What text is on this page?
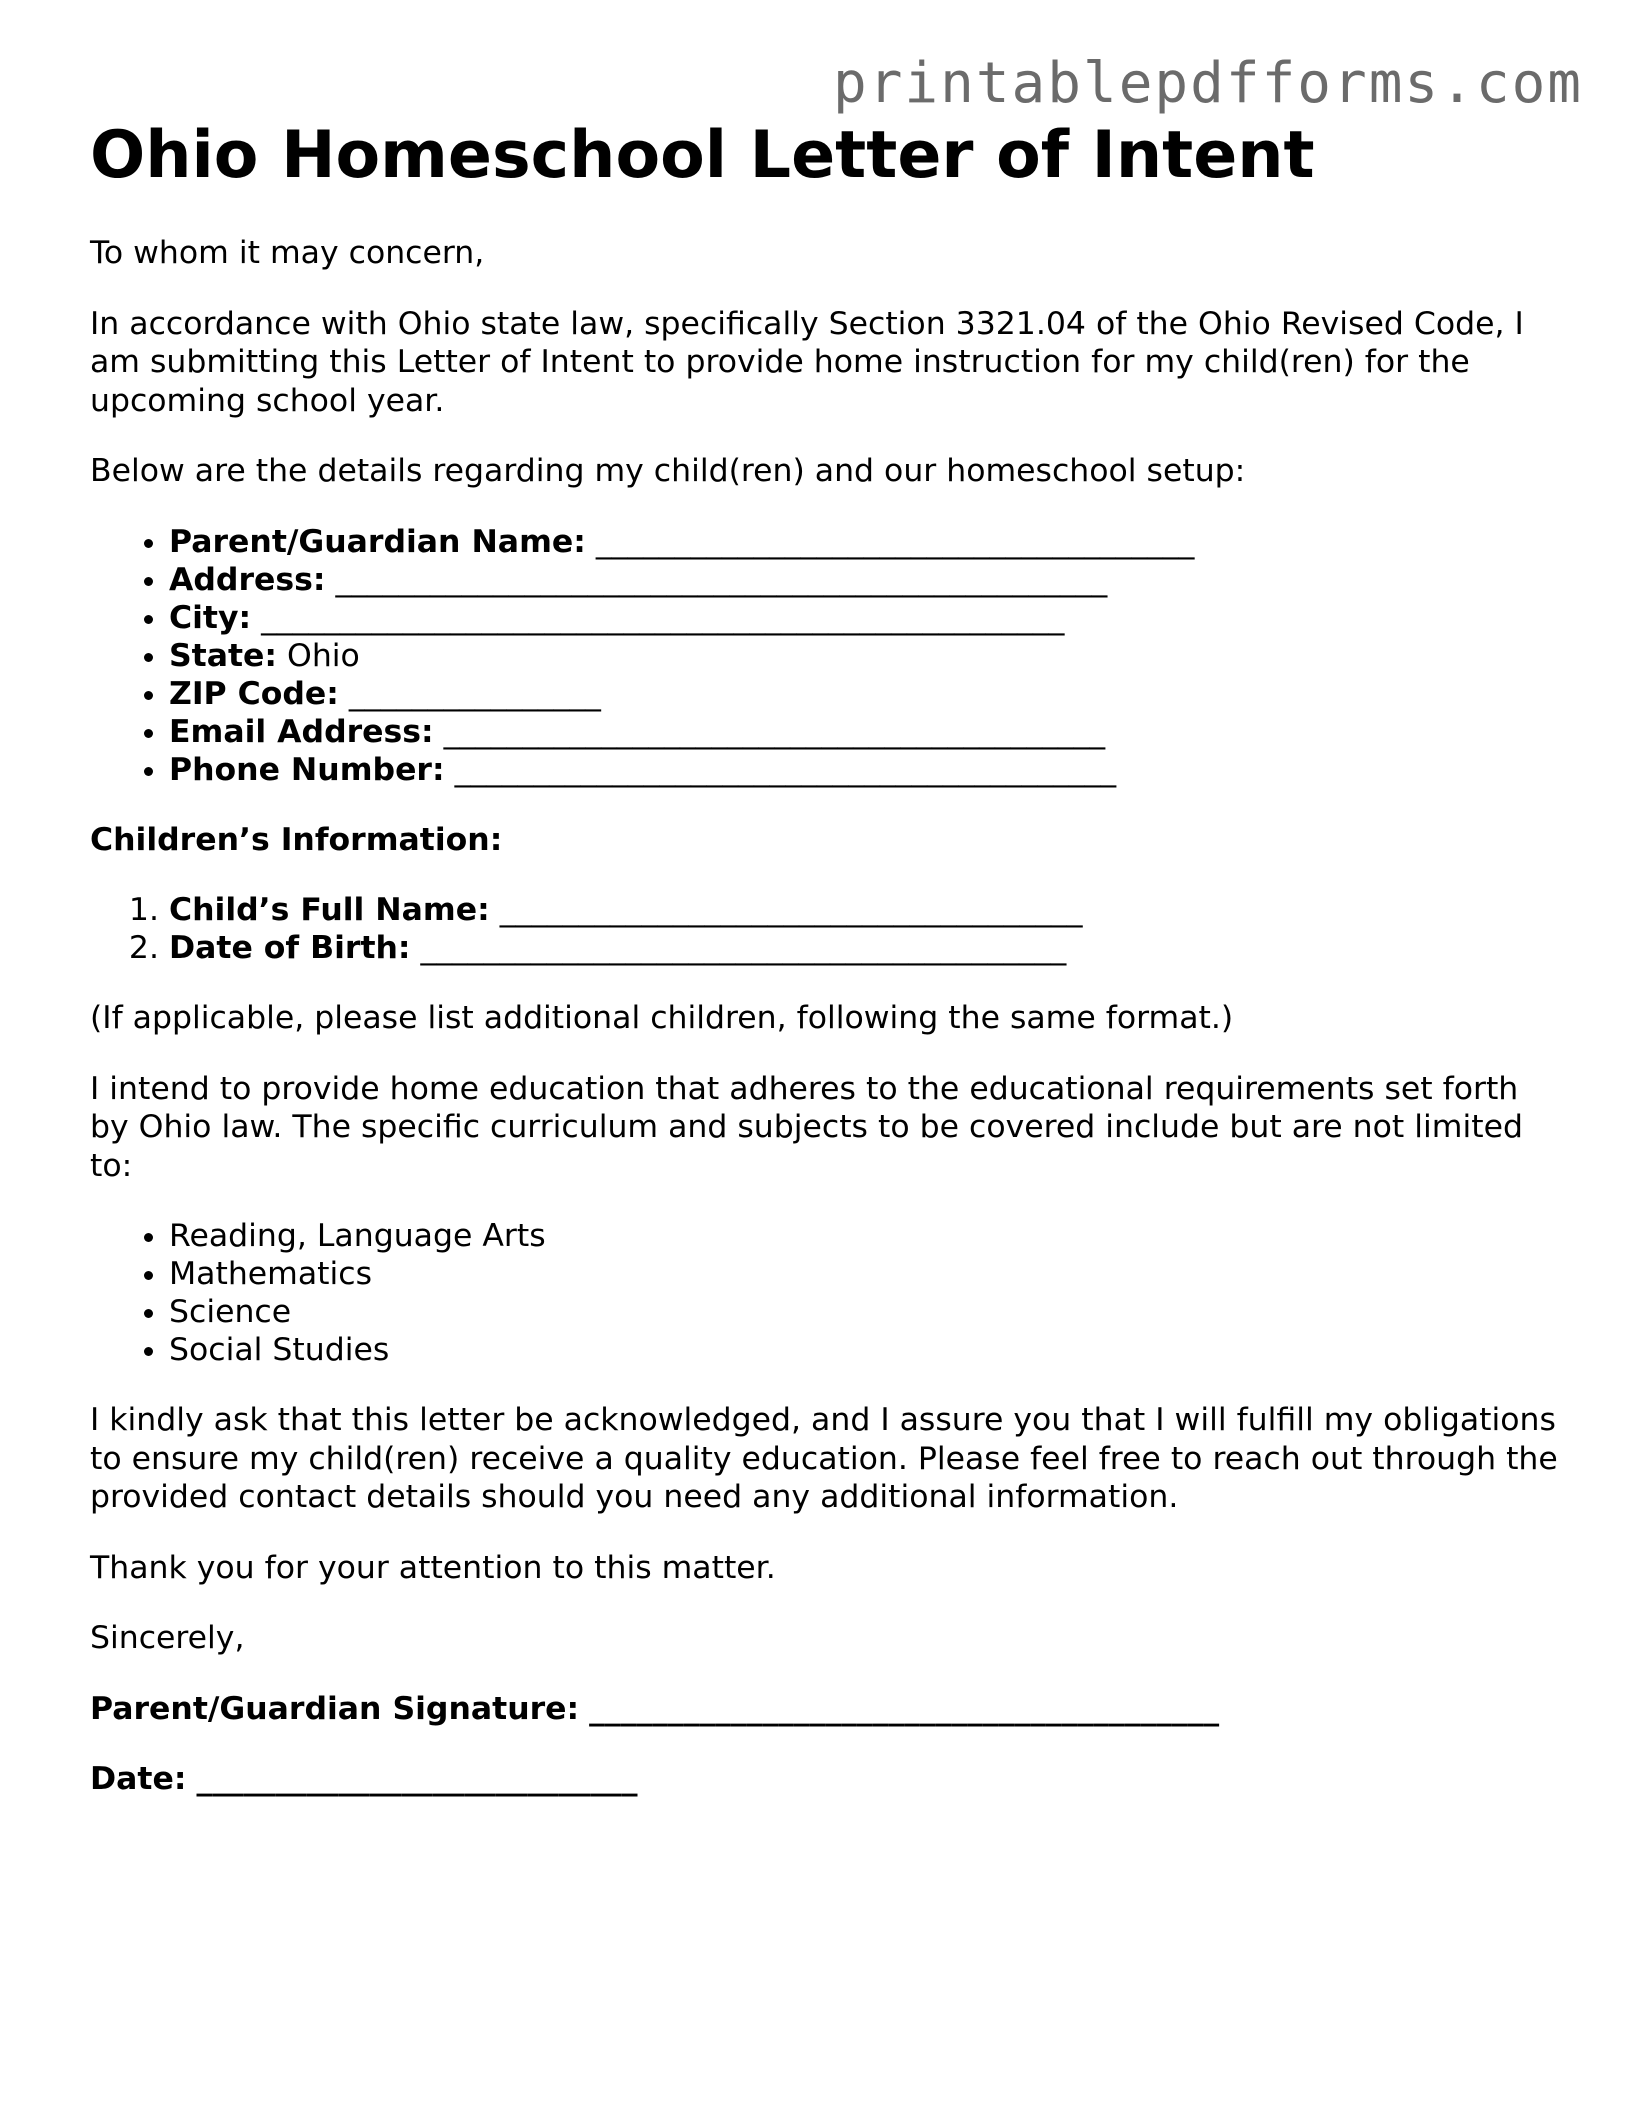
printablepdfforms.com
Ohio Homeschool Letter of Intent

To whom it may concern,

In accordance with Ohio state law, specifically Section 3321.04 of the Ohio Revised Code, I am submitting this Letter of Intent to provide home instruction for my child(ren) for the upcoming school year.

Below are the details regarding my child(ren) and our homeschool setup:

• Parent/Guardian Name: ______________________________________
• Address: _________________________________________________
• City: ___________________________________________________
• State: Ohio
• ZIP Code: ________________
• Email Address: __________________________________________
• Phone Number: __________________________________________

Children’s Information:

1. Child’s Full Name: _____________________________________
2. Date of Birth: _________________________________________

(If applicable, please list additional children, following the same format.)

I intend to provide home education that adheres to the educational requirements set forth by Ohio law. The specific curriculum and subjects to be covered include but are not limited to:

• Reading, Language Arts
• Mathematics
• Science
• Social Studies

I kindly ask that this letter be acknowledged, and I assure you that I will fulfill my obligations to ensure my child(ren) receive a quality education. Please feel free to reach out through the provided contact details should you need any additional information.

Thank you for your attention to this matter.

Sincerely,

Parent/Guardian Signature: ________________________________________

Date: ____________________________
